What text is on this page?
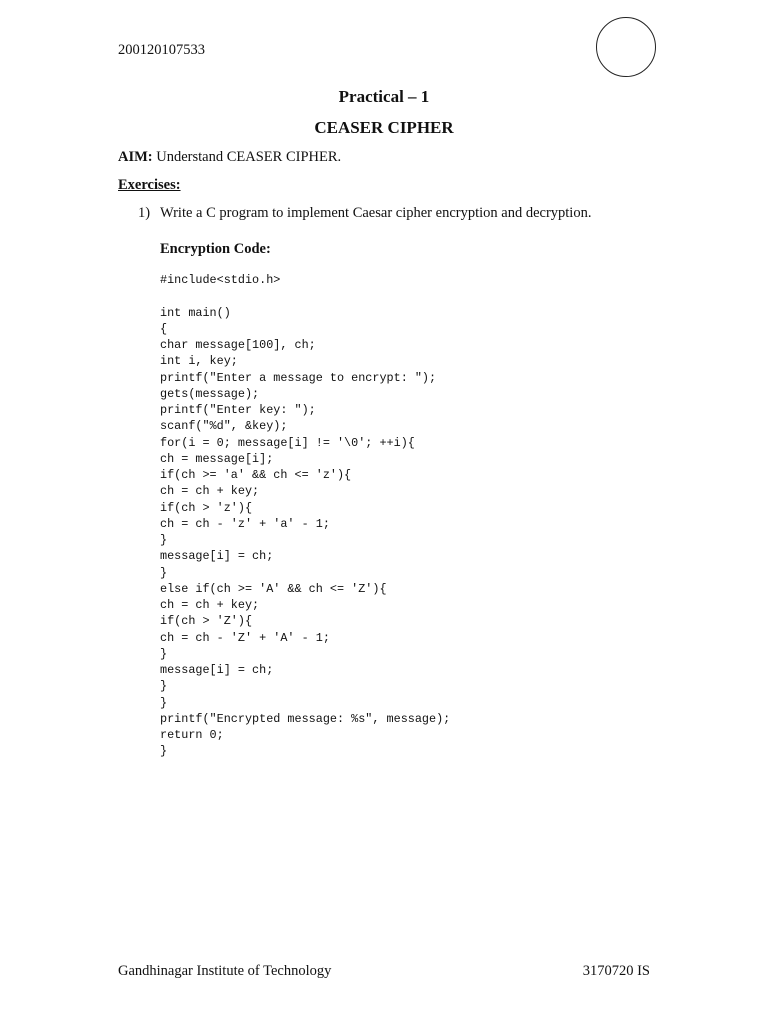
200120107533
Practical – 1
CEASER CIPHER
AIM: Understand CEASER CIPHER.
Exercises:
1) Write a C program to implement Caesar cipher encryption and decryption.
Encryption Code:
#include<stdio.h>
int main()
{
char message[100], ch;
int i, key;
printf("Enter a message to encrypt: ");
gets(message);
printf("Enter key: ");
scanf("%d", &key);
for(i = 0; message[i] != '\0'; ++i){
ch = message[i];
if(ch >= 'a' && ch <= 'z'){
ch = ch + key;
if(ch > 'z'){
ch = ch - 'z' + 'a' - 1;
}
message[i] = ch;
}
else if(ch >= 'A' && ch <= 'Z'){
ch = ch + key;
if(ch > 'Z'){
ch = ch - 'Z' + 'A' - 1;
}
message[i] = ch;
}
}
printf("Encrypted message: %s", message);
return 0;
}
Gandhinagar Institute of Technology	3170720 IS
